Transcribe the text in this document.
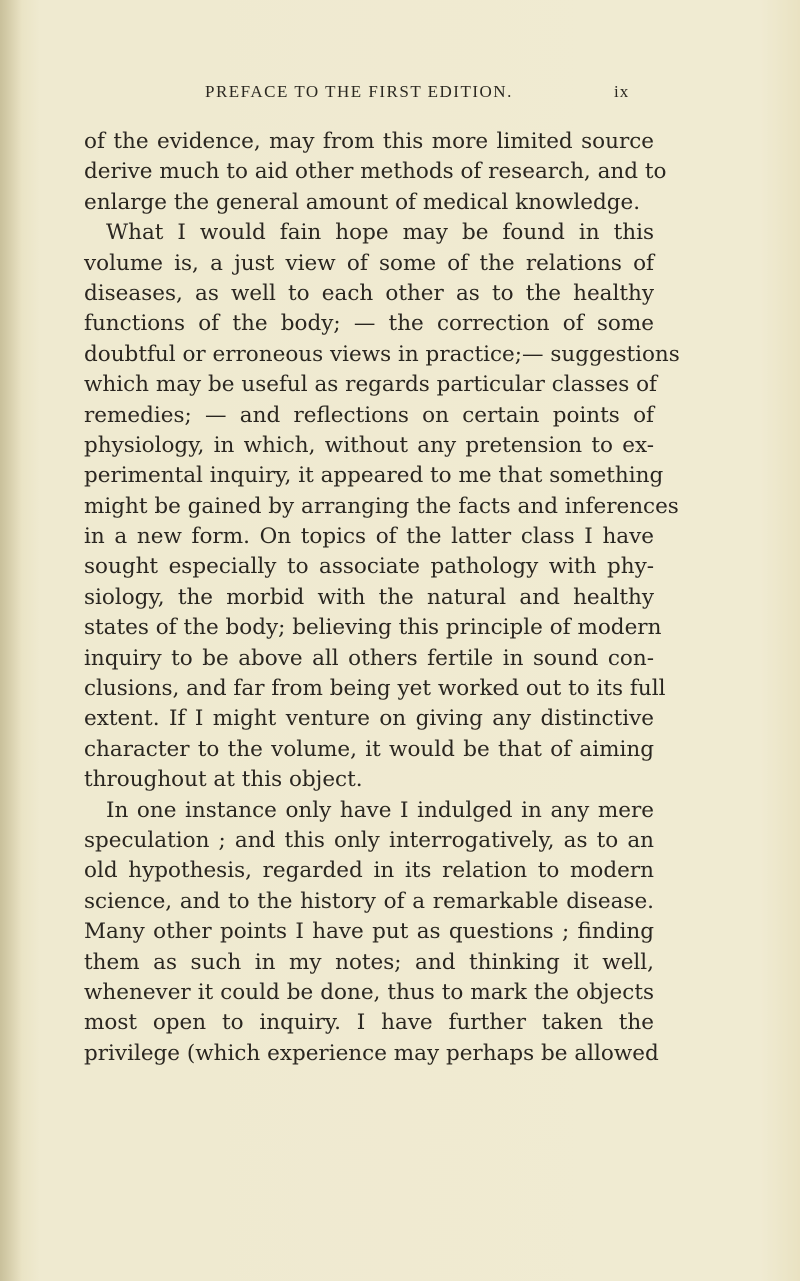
PREFACE TO THE FIRST EDITION.	ix
of the evidence, may from this more limited source
derive much to aid other methods of research, and to
enlarge the general amount of medical knowledge.
What I would fain hope may be found in this
volume is, a just view of some of the relations of
diseases, as well to each other as to the healthy
functions of the body; — the correction of some
doubtful or erroneous views in practice;— suggestions
which may be useful as regards particular classes of
remedies; — and reflections on certain points of
physiology, in which, without any pretension to ex-
perimental inquiry, it appeared to me that something
might be gained by arranging the facts and inferences
in a new form. On topics of the latter class I have
sought especially to associate pathology with phy-
siology, the morbid with the natural and healthy
states of the body; believing this principle of modern
inquiry to be above all others fertile in sound con-
clusions, and far from being yet worked out to its full
extent. If I might venture on giving any distinctive
character to the volume, it would be that of aiming
throughout at this object.
In one instance only have I indulged in any mere
speculation ; and this only interrogatively, as to an
old hypothesis, regarded in its relation to modern
science, and to the history of a remarkable disease.
Many other points I have put as questions ; finding
them as such in my notes; and thinking it well,
whenever it could be done, thus to mark the objects
most open to inquiry. I have further taken the
privilege (which experience may perhaps be allowed
